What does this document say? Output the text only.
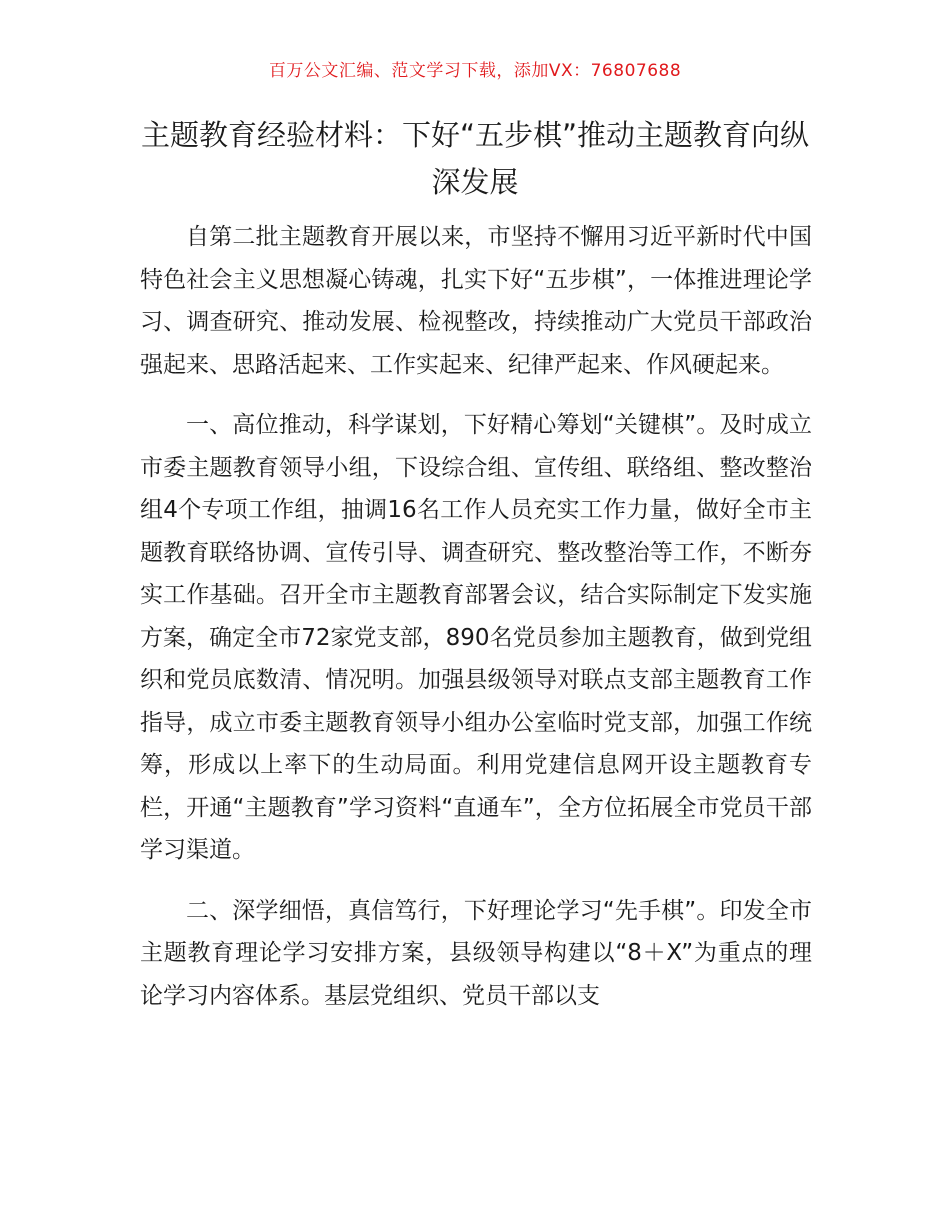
百万公文汇编、范文学习下载，添加VX：76807688
主题教育经验材料：下好“五步棋”推动主题教育向纵深发展

自第二批主题教育开展以来，市坚持不懈用习近平新时代中国特色社会主义思想凝心铸魂，扎实下好“五步棋”，一体推进理论学习、调查研究、推动发展、检视整改，持续推动广大党员干部政治强起来、思路活起来、工作实起来、纪律严起来、作风硬起来。

一、高位推动，科学谋划，下好精心筹划“关键棋”。及时成立市委主题教育领导小组，下设综合组、宣传组、联络组、整改整治组4个专项工作组，抽调16名工作人员充实工作力量，做好全市主题教育联络协调、宣传引导、调查研究、整改整治等工作，不断夯实工作基础。召开全市主题教育部署会议，结合实际制定下发实施方案，确定全市72家党支部，890名党员参加主题教育，做到党组织和党员底数清、情况明。加强县级领导对联点支部主题教育工作指导，成立市委主题教育领导小组办公室临时党支部，加强工作统筹，形成以上率下的生动局面。利用党建信息网开设主题教育专栏，开通“主题教育”学习资料“直通车”，全方位拓展全市党员干部学习渠道。

二、深学细悟，真信笃行，下好理论学习“先手棋”。印发全市主题教育理论学习安排方案，县级领导构建以“8＋X”为重点的理论学习内容体系。基层党组织、党员干部以支
